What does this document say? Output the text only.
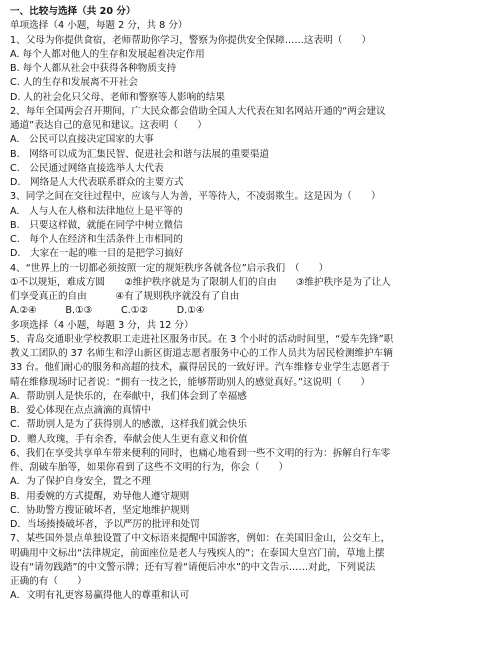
一、比较与选择（共 20 分）
单项选择（4 小题，每题 2 分，共 8 分）
1、父母为你提供食宿，老师帮助你学习，警察为你提供安全保障……这表明（　　）
A. 每个人都对他人的生存和发展起着决定作用
B. 每个人都从社会中获得各种物质支持
C. 人的生存和发展离不开社会
D. 人的社会化只父母、老师和警察等人影响的结果
2、每年全国两会召开期间，广大民众都会借助全国人大代表在知名网站开通的“两会建议
通道”表达自己的意见和建议。这表明（　　）
A.　公民可以直接决定国家的大事
B.　网络可以成为汇集民智、促进社会和谐与法展的重要渠道
C.　公民通过网络直接选举人大代表
D.　网络是人大代表联系群众的主要方式
3、同学之间在交往过程中，应该与人为善，平等待人，不凌弱欺生。这是因为（　　）
A.　人与人在人格和法律地位上是平等的
B.　只要这样做，就能在同学中树立微信
C.　每个人在经济和生活条件上市相同的
D.　大家在一起的唯一目的是把学习搞好
4、“世界上的一切都必须按照一定的规矩秩序各就各位”启示我们　（　　）
①不以规矩，难成方圆　　②维护秩序就是为了限制人们的自由　　③维护秩序是为了让人
们享受真正的自由　　　④有了规则秩序就没有了自由
A.②④　　　B.①③　　　C.①②　　　D.①④
多项选择（4 小题，每题 3 分，共 12 分）
5、青岛交通职业学校教职工走进社区服务市民。在 3 个小时的活动时间里，“爱车先锋”职
教义工团队的 37 名师生和浮山新区街道志愿者服务中心的工作人员共为居民检测维护车辆
33 台。他们耐心的服务和高超的技术，赢得居民的一致好评。汽车维修专业学生志愿者于
晴在维修现场时记者说：“拥有一技之长，能够帮助别人的感觉真好。”这说明（　　）
A．帮助别人是快乐的，在奉献中，我们体会到了幸福感
B．爱心体现在点点滴滴的真情中
C．帮助别人是为了获得别人的感激，这样我们就会快乐
D．赠人玫瑰，手有余香，奉献会使人生更有意义和价值
6、我们在享受共享单车带来便利的同时，也痛心地看到一些不文明的行为：拆解自行车零
件、刮破车胎等，如果你看到了这些不文明的行为，你会（　　）
A．为了保护自身安全，置之不理
B．用委婉的方式提醒，劝导他人遵守规则
C．协助警方搜证破坏者，坚定地维护规则
D．当场揍揍破坏者，予以严厉的批评和处罚
7、某些国外景点单独设置了中文标语来提醒中国游客，例如：在美国旧金山，公交车上，
明确用中文标出“法律规定，前面座位是老人与残疾人的”；在泰国大皇宫门前，草地上摆
设有“请勿践踏”的中文警示牌；还有写着“请便后冲水”的中文告示……对此，下列说法
正确的有（　　）
A．文明有礼更容易赢得他人的尊重和认可
